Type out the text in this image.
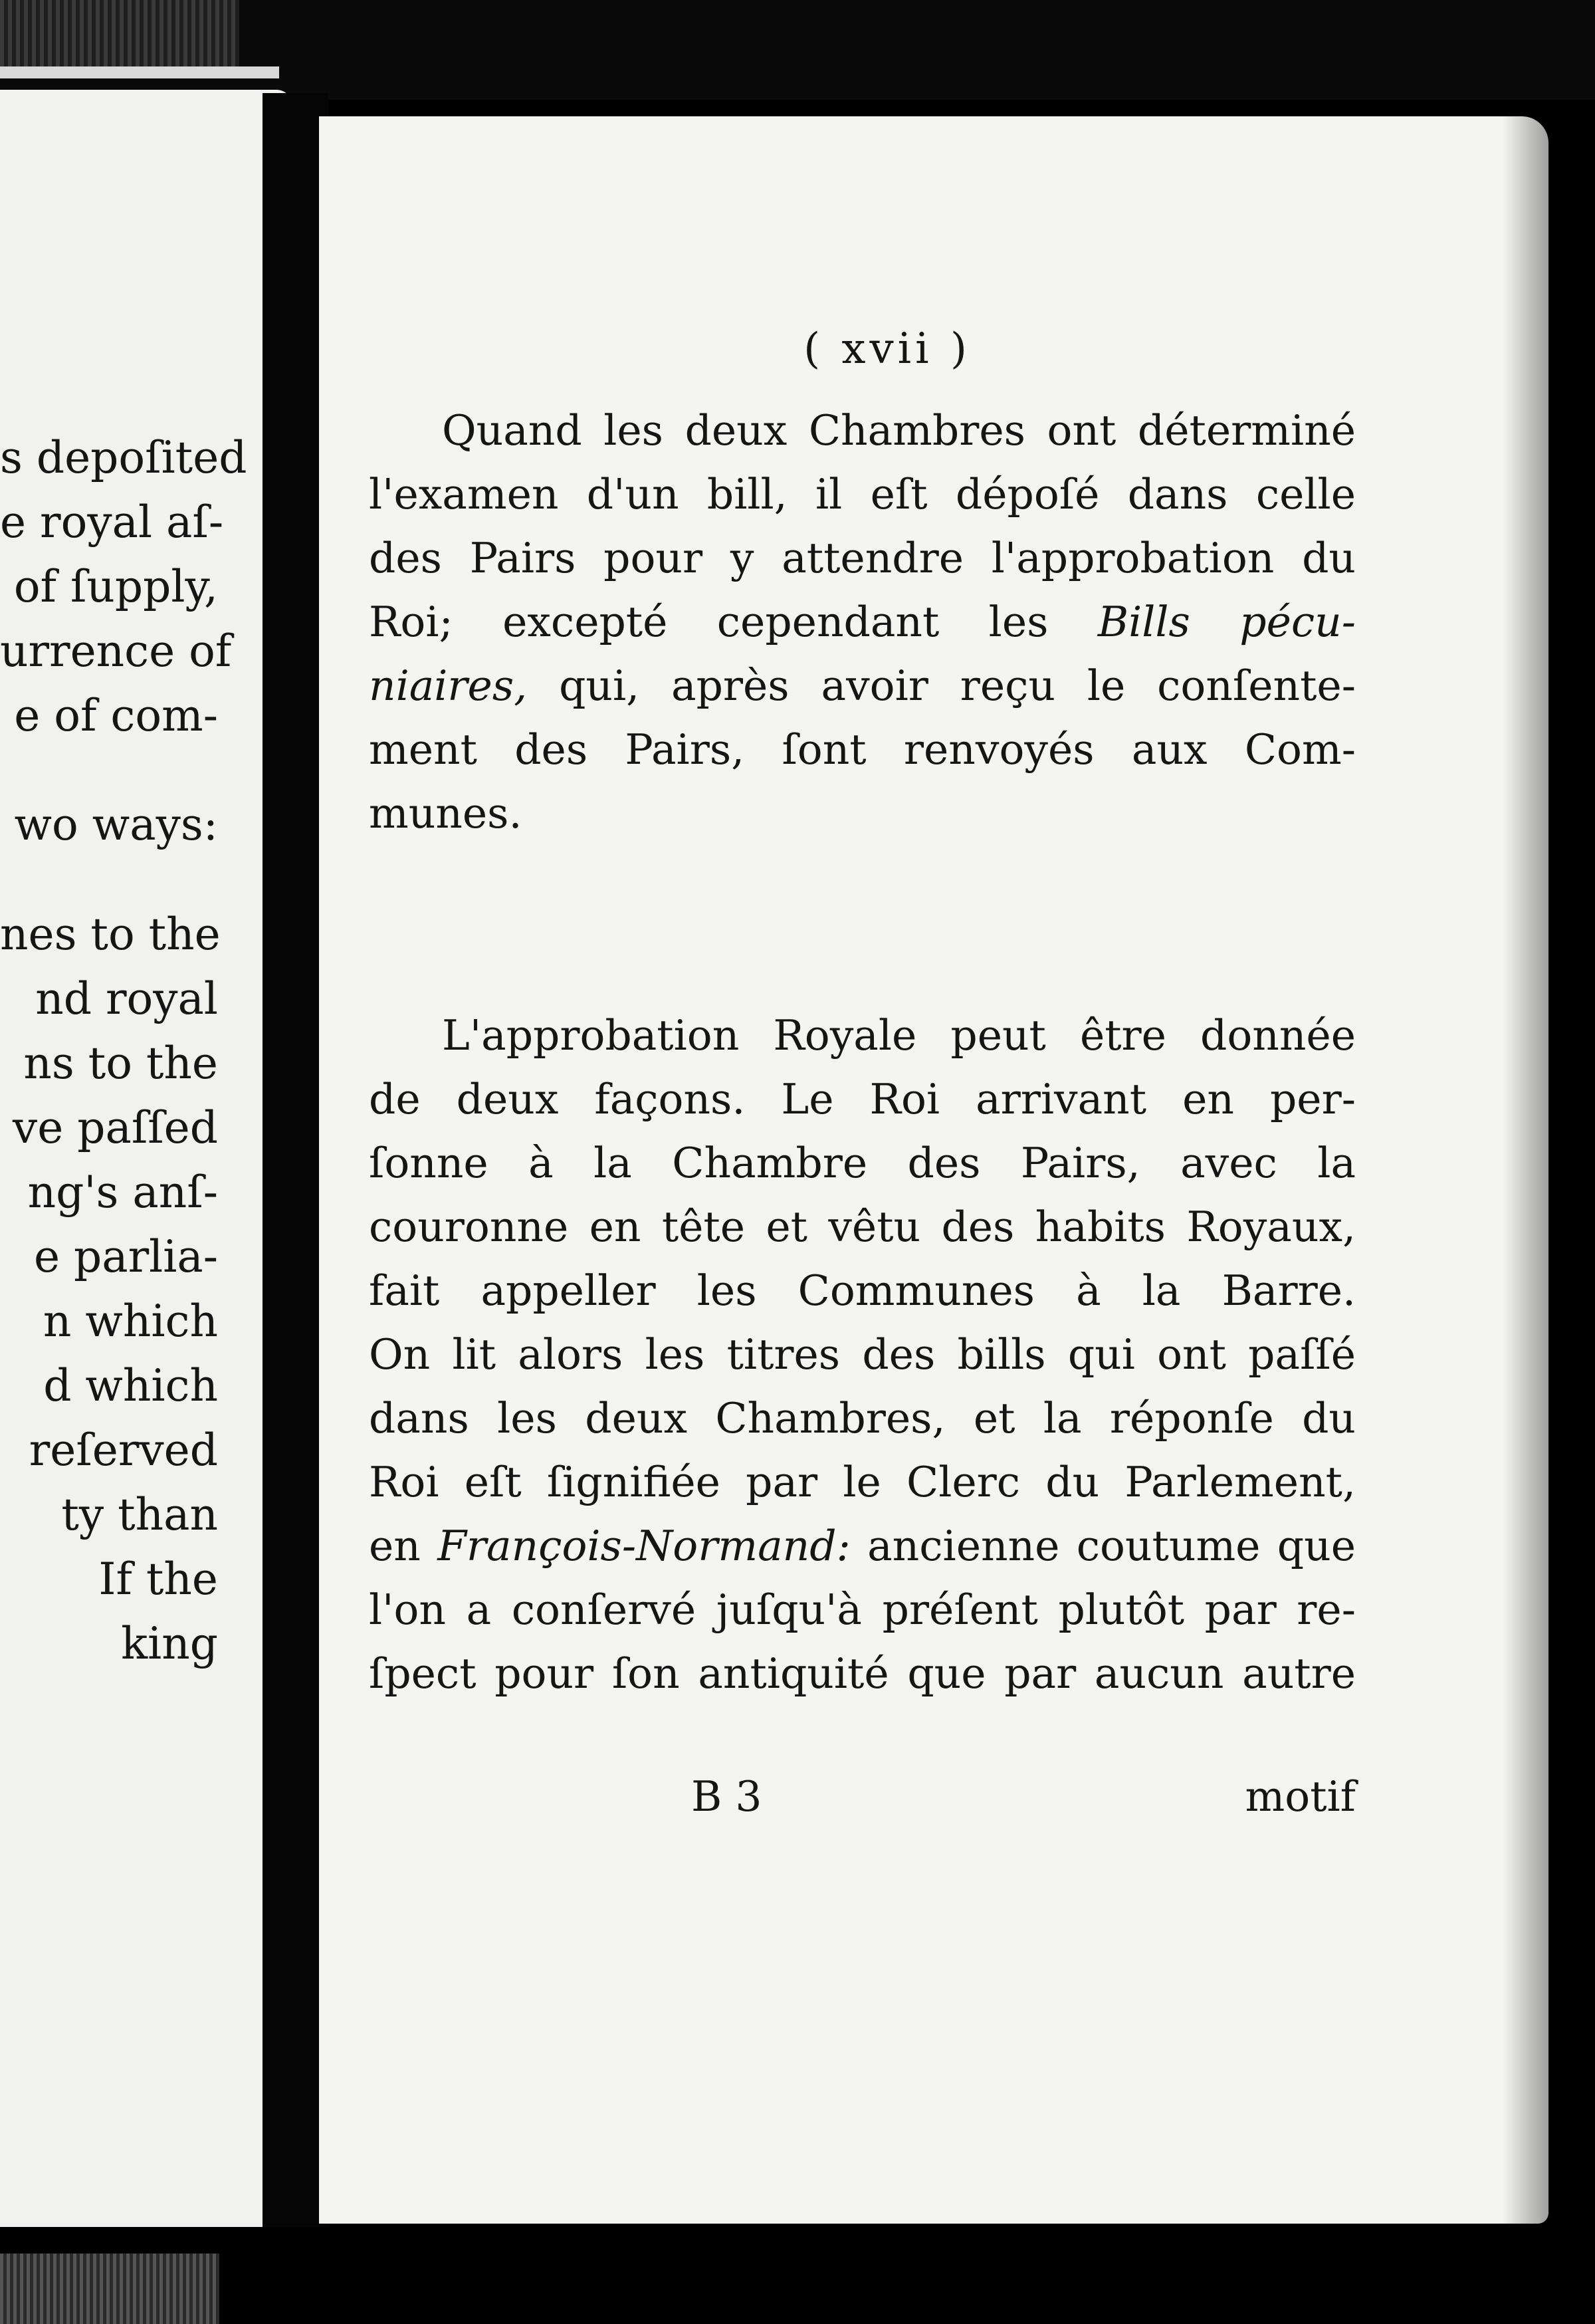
s depoſited
e royal aſ-
of ſupply,
urrence of
e of com-
wo ways:
nes to the
nd royal
ns to the
ve paſſed
ng's anſ-
e parlia-
n which
d which
reſerved
ty than
If the
king
( xvii )
Quand les deux Chambres ont déterminé
l'examen d'un bill, il eſt dépoſé dans celle
des Pairs pour y attendre l'approbation du
Roi; excepté cependant les Bills pécu-
niaires, qui, après avoir reçu le conſente-
ment des Pairs, ſont renvoyés aux Com-
munes.
L'approbation Royale peut être donnée
de deux façons. Le Roi arrivant en per-
ſonne à la Chambre des Pairs, avec la
couronne en tête et vêtu des habits Royaux,
fait appeller les Communes à la Barre.
On lit alors les titres des bills qui ont paſſé
dans les deux Chambres, et la réponſe du
Roi eſt ſignifiée par le Clerc du Parlement,
en François-Normand: ancienne coutume que
l'on a conſervé juſqu'à préſent plutôt par re-
ſpect pour ſon antiquité que par aucun autre
B 3	motif
